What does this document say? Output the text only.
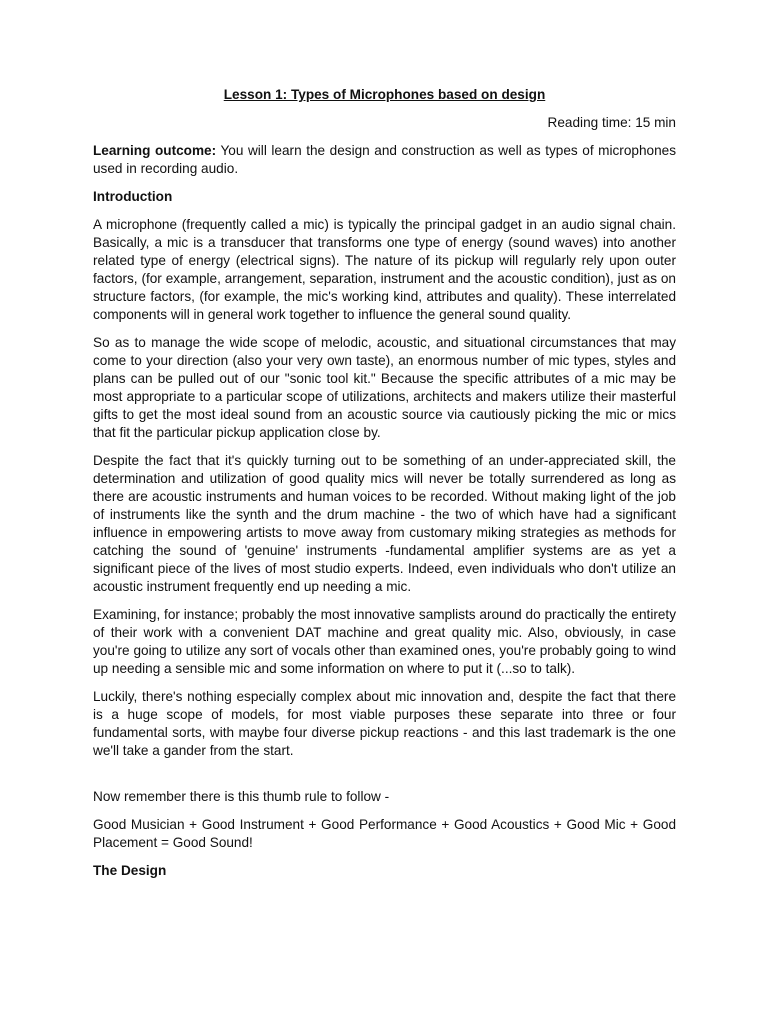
Lesson 1: Types of Microphones based on design

Reading time: 15 min

Learning outcome: You will learn the design and construction as well as types of microphones used in recording audio.

Introduction

A microphone (frequently called a mic) is typically the principal gadget in an audio signal chain. Basically, a mic is a transducer that transforms one type of energy (sound waves) into another related type of energy (electrical signs). The nature of its pickup will regularly rely upon outer factors, (for example, arrangement, separation, instrument and the acoustic condition), just as on structure factors, (for example, the mic's working kind, attributes and quality). These interrelated components will in general work together to influence the general sound quality.

So as to manage the wide scope of melodic, acoustic, and situational circumstances that may come to your direction (also your very own taste), an enormous number of mic types, styles and plans can be pulled out of our "sonic tool kit." Because the specific attributes of a mic may be most appropriate to a particular scope of utilizations, architects and makers utilize their masterful gifts to get the most ideal sound from an acoustic source via cautiously picking the mic or mics that fit the particular pickup application close by.

Despite the fact that it's quickly turning out to be something of an under-appreciated skill, the determination and utilization of good quality mics will never be totally surrendered as long as there are acoustic instruments and human voices to be recorded. Without making light of the job of instruments like the synth and the drum machine - the two of which have had a significant influence in empowering artists to move away from customary miking strategies as methods for catching the sound of 'genuine' instruments -fundamental amplifier systems are as yet a significant piece of the lives of most studio experts. Indeed, even individuals who don't utilize an acoustic instrument frequently end up needing a mic.

Examining, for instance; probably the most innovative samplists around do practically the entirety of their work with a convenient DAT machine and great quality mic. Also, obviously, in case you're going to utilize any sort of vocals other than examined ones, you're probably going to wind up needing a sensible mic and some information on where to put it (...so to talk).

Luckily, there's nothing especially complex about mic innovation and, despite the fact that there is a huge scope of models, for most viable purposes these separate into three or four fundamental sorts, with maybe four diverse pickup reactions - and this last trademark is the one we'll take a gander from the start.

Now remember there is this thumb rule to follow -

Good Musician + Good Instrument + Good Performance + Good Acoustics + Good Mic + Good Placement = Good Sound!

The Design
